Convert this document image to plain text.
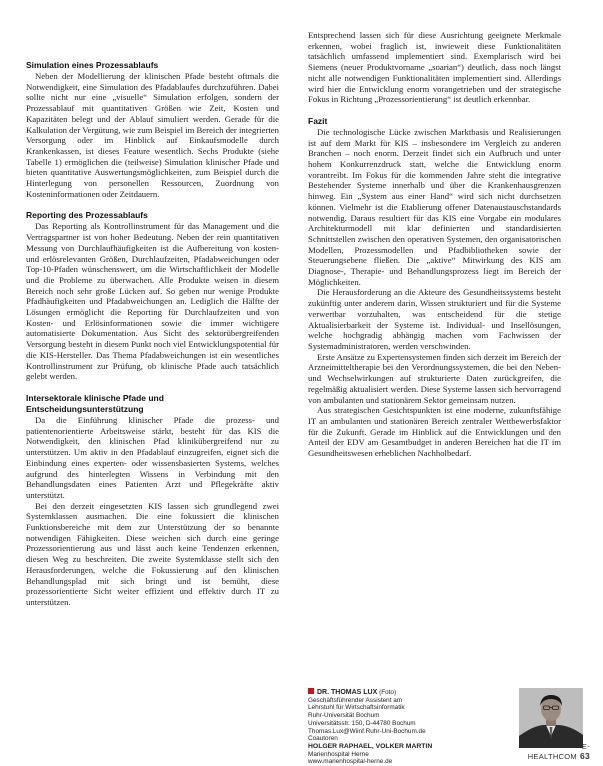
Simulation eines Prozessablaufs

Neben der Modellierung der klinischen Pfade besteht oftmals die Notwendigkeit, eine Simulation des Pfadablaufes durchzuführen. Dabei sollte nicht nur eine „visuelle“ Simulation erfolgen, sondern der Prozessablauf mit quantitativen Größen wie Zeit, Kosten und Kapazitäten belegt und der Ablauf simuliert werden. Gerade für die Kalkulation der Vergütung, wie zum Beispiel im Bereich der integrierten Versorgung oder im Hinblick auf Einkaufsmodelle durch Krankenkassen, ist dieses Feature wesentlich. Sechs Produkte (siehe Tabelle 1) ermöglichen die (teilweise) Simulation klinischer Pfade und bieten quantitative Auswertungsmöglichkeiten, zum Beispiel durch die Hinterlegung von personellen Ressourcen, Zuordnung von Kosteninformationen oder Zeitdauern.

Reporting des Prozessablaufs

Das Reporting als Kontrollinstrument für das Management und die Vertragspartner ist von hoher Bedeutung. Neben der rein quantitativen Messung von Durchlaufhäufigkeiten ist die Aufbereitung von kosten- und erlösrelevanten Größen, Durchlaufzeiten, Pfadabweichungen oder Top-10-Pfaden wünschenswert, um die Wirtschaftlichkeit der Modelle und die Probleme zu überwachen. Alle Produkte weisen in diesem Bereich noch sehr große Lücken auf. So geben nur wenige Produkte Pfadhäufigkeiten und Pfadabweichungen an. Lediglich die Hälfte der Lösungen ermöglicht die Reporting für Durchlaufzeiten und von Kosten- und Erlösinformationen sowie die immer wichtigere automatisierte Dokumentation. Aus Sicht des sektorübergreifenden Versorgung besteht in diesem Punkt noch viel Entwicklungspotential für die KIS-Hersteller. Das Thema Pfadabweichungen ist ein wesentliches Kontrollinstrument zur Prüfung, ob klinische Pfade auch tatsächlich gelebt werden.

Intersektorale klinische Pfade und Entscheidungsunterstützung

Da die Einführung klinischer Pfade die prozess- und patientenorientierte Arbeitsweise stärkt, besteht für das KIS die Notwendigkeit, den klinischen Pfad klinikübergreifend nur zu unterstützen. Um aktiv in den Pfadablauf einzugreifen, eignet sich die Einbindung eines experten- oder wissensbasierten Systems, welches aufgrund des hinterlegten Wissens in Verbindung mit den Behandlungsdaten eines Patienten Arzt und Pflegekräfte aktiv unterstützt.

Bei den derzeit eingesetzten KIS lassen sich grundlegend zwei Systemklassen ausmachen. Die eine fokussiert die klinischen Funktionsbereiche mit dem zur Unterstützung der so benannte notwendigen Fähigkeiten. Diese weichen sich durch eine geringe Prozessorientierung aus und lässt auch keine Tendenzen erkennen, diesen Weg zu beschreiten. Die zweite Systemklasse stellt sich den Herausforderungen, welche die Fokussierung auf den klinischen Behandlungsplad mit sich bringt und ist bemüht, diese prozessorientierte Sicht weiter effizient und effektiv durch IT zu unterstützen.

Entsprechend lassen sich für diese Ausrichtung geeignete Merkmale erkennen, wobei fraglich ist, inwieweit diese Funktionalitäten tatsächlich umfassend implementiert sind. Exemplarisch wird bei Siemens (neuer Produktvorname „soarian“) deutlich, dass noch längst nicht alle notwendigen Funktionalitäten implementiert sind. Allerdings wird hier die Entwicklung enorm vorangetrieben und der strategische Fokus in Richtung „Prozessorientierung“ ist deutlich erkennbar.

Fazit

Die technologische Lücke zwischen Marktbasis und Realisierungen ist auf dem Markt für KIS – insbesondere im Vergleich zu anderen Branchen – noch enorm. Derzeit findet sich ein Aufbruch und unter hohem Konkurrenzdruck statt, welche die Entwicklung enorm vorantreibt. Im Fokus für die kommenden Jahre steht die integrative Bestehender Systeme innerhalb und über die Krankenhausgrenzen hinweg. Ein „System aus einer Hand“ wird sich nicht durchsetzen können. Vielmehr ist die Etablierung offener Datenaustauschstandards notwendig. Daraus resultiert für das KIS eine Vorgabe ein modulares Architekturmodell mit klar definierten und standardisierten Schnittstellen zwischen den operativen Systemen, den organisatorischen Modellen, Prozessmodellen und Pfadbibliotheken sowie der Steuerungsebene fließen. Die „aktive“ Mitwirkung des KIS am Diagnose-, Therapie- und Behandlungsprozess liegt im Bereich der Möglichkeiten.

Die Herausforderung an die Akteure des Gesundheitssystems besteht zukünftig unter anderem darin, Wissen strukturiert und für die Systeme verwertbar vorzuhalten, was entscheidend für die stetige Aktualisierbarkeit der Systeme ist. Individual- und Insellösungen, welche hochgradig abhängig machen vom Fachwissen der Systemadministratoren, werden verschwinden.

Erste Ansätze zu Expertensystemen finden sich derzeit im Bereich der Arzneimitteltherapie bei den Verordnungssystemen, die bei den Neben- und Wechselwirkungen auf strukturierte Daten zurückgreifen, die regelmäßig aktualisiert werden. Diese Systeme lassen sich hervorragend von ambulanten und stationärem Sektor gemeinsam nutzen.

Aus strategischen Gesichtspunkten ist eine moderne, zukunftsfähige IT an ambulanten und stationären Bereich zentraler Wettbewerbsfaktor für die Zukunft. Gerade im Hinblick auf die Entwicklungen und den Anteil der EDV am Gesamtbudget in anderen Bereichen hat die IT im Gesundheitswesen erheblichen Nachholbedarf.

DR. THOMAS LUX (Foto)
Geschäftsführender Assistent am
Lehrstuhl für Wirtschaftsinformatik
Ruhr-Universität Bochum
Universitätsstr. 150, D-44780 Bochum
Thomas.Lux@Wiinf.Ruhr-Uni-Bochum.de
Coautoren
HOLGER RAPHAEL, VOLKER MARTIN
Marienhospital Herne
www.marienhospital-herne.de
E-HEALTHCOM 63
